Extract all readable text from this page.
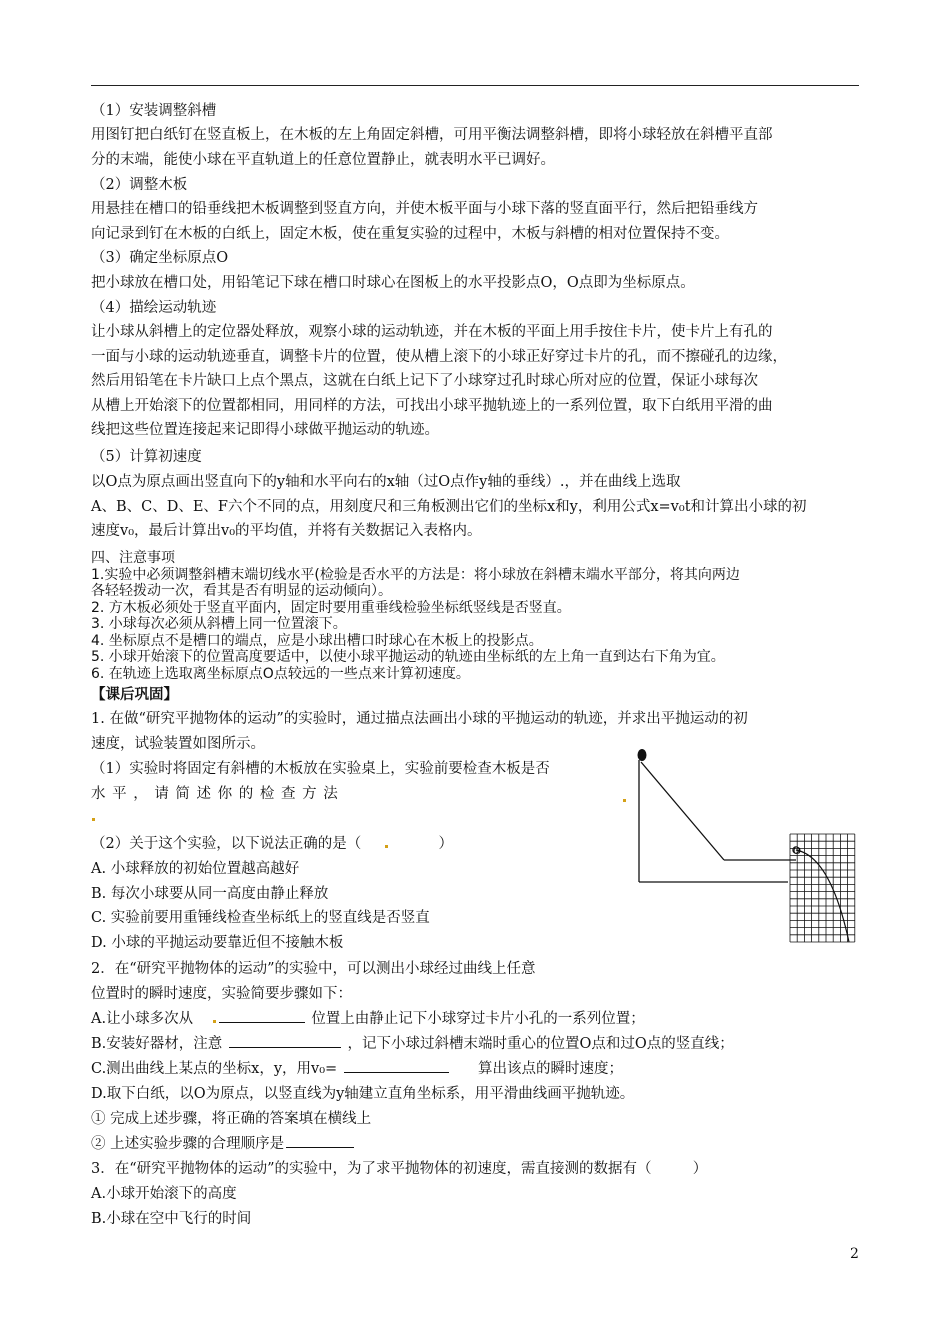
（1）安装调整斜槽
用图钉把白纸钉在竖直板上，在木板的左上角固定斜槽，可用平衡法调整斜槽，即将小球轻放在斜槽平直部
分的末端，能使小球在平直轨道上的任意位置静止，就表明水平已调好。
（2）调整木板
用悬挂在槽口的铅垂线把木板调整到竖直方向，并使木板平面与小球下落的竖直面平行，然后把铅垂线方
向记录到钉在木板的白纸上，固定木板，使在重复实验的过程中，木板与斜槽的相对位置保持不变。
（3）确定坐标原点O
把小球放在槽口处，用铅笔记下球在槽口时球心在图板上的水平投影点O，O点即为坐标原点。
（4）描绘运动轨迹
让小球从斜槽上的定位器处释放，观察小球的运动轨迹，并在木板的平面上用手按住卡片，使卡片上有孔的
一面与小球的运动轨迹垂直，调整卡片的位置，使从槽上滚下的小球正好穿过卡片的孔，而不擦碰孔的边缘，
然后用铅笔在卡片缺口上点个黑点，这就在白纸上记下了小球穿过孔时球心所对应的位置，保证小球每次
从槽上开始滚下的位置都相同，用同样的方法，可找出小球平抛轨迹上的一系列位置，取下白纸用平滑的曲
线把这些位置连接起来记即得小球做平抛运动的轨迹。
（5）计算初速度
以O点为原点画出竖直向下的y轴和水平向右的x轴（过O点作y轴的垂线）.，并在曲线上选取
A、B、C、D、E、F六个不同的点，用刻度尺和三角板测出它们的坐标x和y，利用公式x=v₀t和计算出小球的初
速度v₀，最后计算出v₀的平均值，并将有关数据记入表格内。
四、注意事项
1.实验中必须调整斜槽末端切线水平(检验是否水平的方法是：将小球放在斜槽末端水平部分，将其向两边
各轻轻拨动一次，看其是否有明显的运动倾向）。
2. 方木板必须处于竖直平面内，固定时要用重垂线检验坐标纸竖线是否竖直。
3. 小球每次必须从斜槽上同一位置滚下。
4. 坐标原点不是槽口的端点，应是小球出槽口时球心在木板上的投影点。
5. 小球开始滚下的位置高度要适中，以使小球平抛运动的轨迹由坐标纸的左上角一直到达右下角为宜。
6. 在轨迹上选取离坐标原点O点较远的一些点来计算初速度。
【课后巩固】
1. 在做“研究平抛物体的运动”的实验时，通过描点法画出小球的平抛运动的轨迹，并求出平抛运动的初
速度，试验装置如图所示。
（1）实验时将固定有斜槽的木板放在实验桌上，实验前要检查木板是否
水 平 ， 请 简 述 你 的 检 查 方 法
（2）关于这个实验，以下说法正确的是（	）
A. 小球释放的初始位置越高越好
B. 每次小球要从同一高度由静止释放
C. 实验前要用重锤线检查坐标纸上的竖直线是否竖直
D. 小球的平抛运动要靠近但不接触木板
O
2．在“研究平抛物体的运动”的实验中，可以测出小球经过曲线上任意
位置时的瞬时速度，实验简要步骤如下：
A.让小球多次从	位置上由静止记下小球穿过卡片小孔的一系列位置；
B.安装好器材，注意	，记下小球过斜槽末端时重心的位置O点和过O点的竖直线；
C.测出曲线上某点的坐标x，y，用v₀=	算出该点的瞬时速度；
D.取下白纸，以O为原点，以竖直线为y轴建立直角坐标系，用平滑曲线画平抛轨迹。
① 完成上述步骤，将正确的答案填在横线上
② 上述实验步骤的合理顺序是
3．在“研究平抛物体的运动”的实验中，为了求平抛物体的初速度，需直接测的数据有（	）
A.小球开始滚下的高度
B.小球在空中飞行的时间
2
